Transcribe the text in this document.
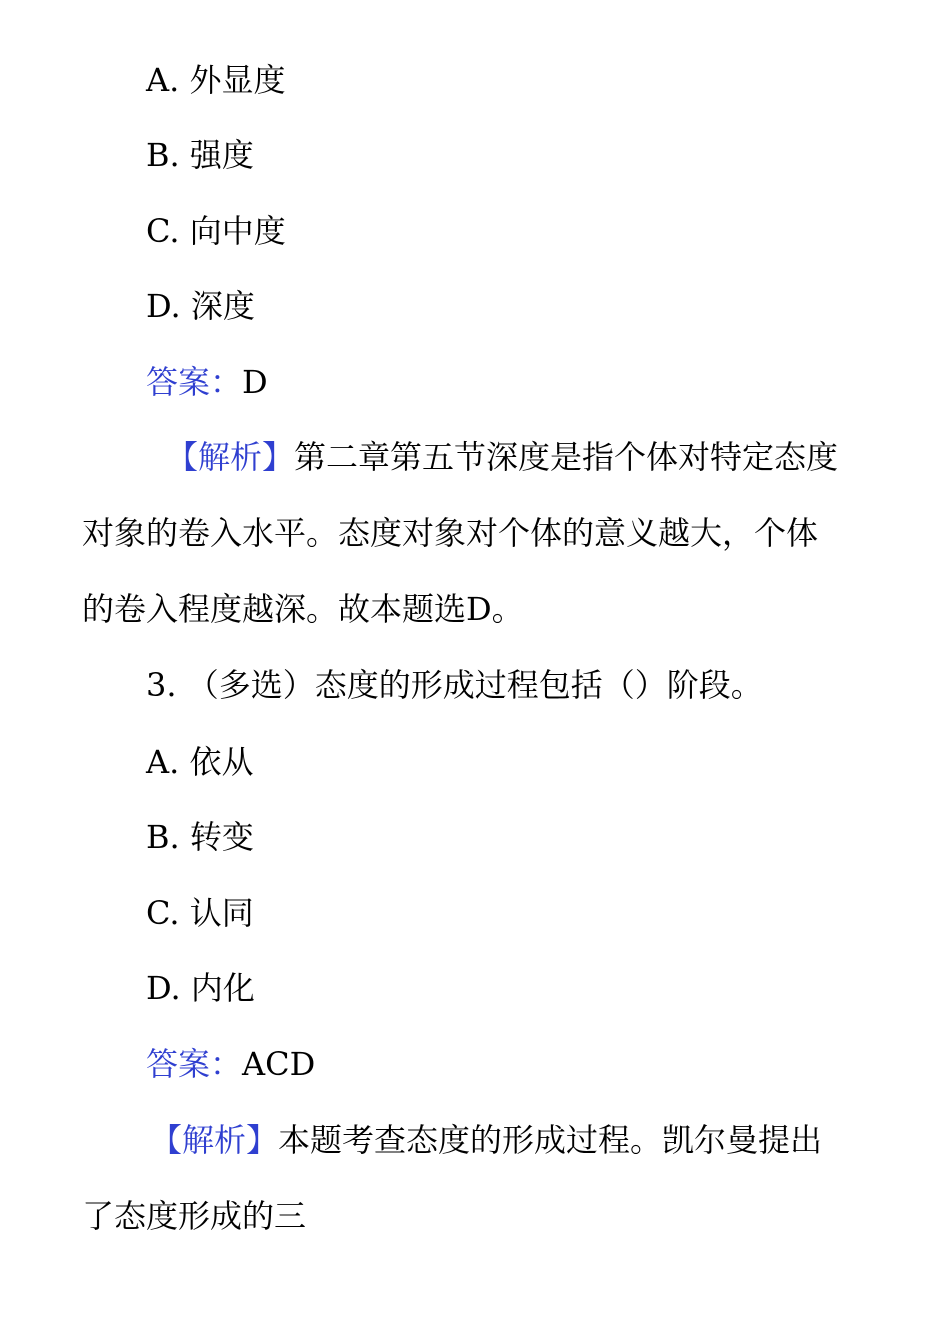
A. 外显度
B. 强度
C. 向中度
D. 深度
答案：D
【解析】第二章第五节深度是指个体对特定态度
对象的卷入水平。态度对象对个体的意义越大，个体
的卷入程度越深。故本题选D。
3. （多选）态度的形成过程包括（）阶段。
A. 依从
B. 转变
C. 认同
D. 内化
答案：ACD
【解析】本题考查态度的形成过程。凯尔曼提出
了态度形成的三
